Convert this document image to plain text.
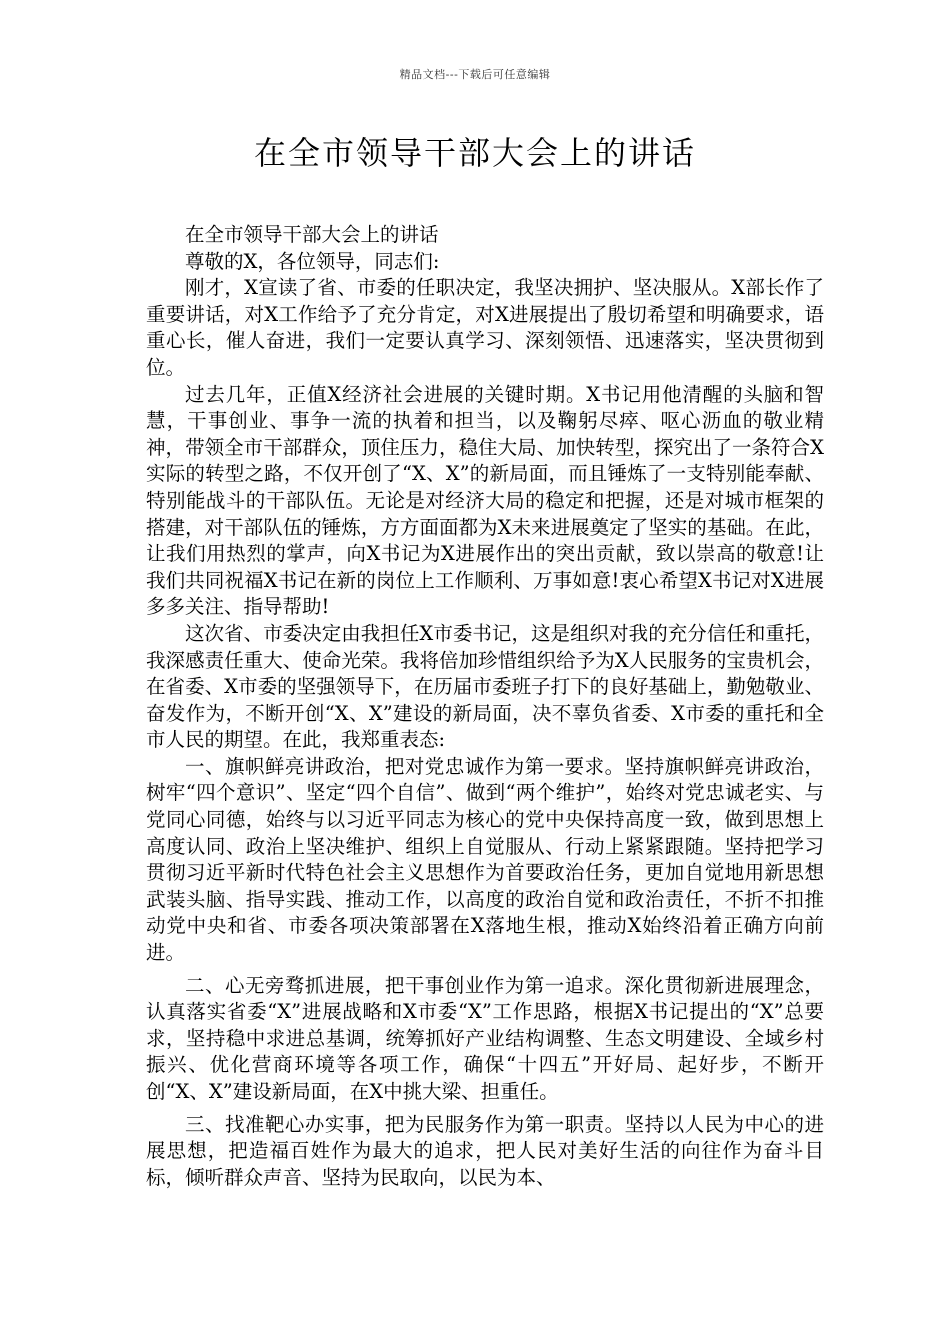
精品文档---下载后可任意编辑
在全市领导干部大会上的讲话

在全市领导干部大会上的讲话

尊敬的X，各位领导，同志们:

刚才，X宣读了省、市委的任职决定，我坚决拥护、坚决服从。X部长作了重要讲话，对X工作给予了充分肯定，对X进展提出了殷切希望和明确要求，语重心长，催人奋进，我们一定要认真学习、深刻领悟、迅速落实，坚决贯彻到位。

过去几年，正值X经济社会进展的关键时期。X书记用他清醒的头脑和智慧，干事创业、事争一流的执着和担当，以及鞠躬尽瘁、呕心沥血的敬业精神，带领全市干部群众，顶住压力，稳住大局、加快转型，探究出了一条符合X实际的转型之路，不仅开创了“X、X”的新局面，而且锤炼了一支特别能奉献、特别能战斗的干部队伍。无论是对经济大局的稳定和把握，还是对城市框架的搭建，对干部队伍的锤炼，方方面面都为X未来进展奠定了坚实的基础。在此，让我们用热烈的掌声，向X书记为X进展作出的突出贡献，致以崇高的敬意!让我们共同祝福X书记在新的岗位上工作顺利、万事如意!衷心希望X书记对X进展多多关注、指导帮助!

这次省、市委决定由我担任X市委书记，这是组织对我的充分信任和重托，我深感责任重大、使命光荣。我将倍加珍惜组织给予为X人民服务的宝贵机会，在省委、X市委的坚强领导下，在历届市委班子打下的良好基础上，勤勉敬业、奋发作为，不断开创“X、X”建设的新局面，决不辜负省委、X市委的重托和全市人民的期望。在此，我郑重表态:

一、旗帜鲜亮讲政治，把对党忠诚作为第一要求。坚持旗帜鲜亮讲政治，树牢“四个意识”、坚定“四个自信”、做到“两个维护”，始终对党忠诚老实、与党同心同德，始终与以习近平同志为核心的党中央保持高度一致，做到思想上高度认同、政治上坚决维护、组织上自觉服从、行动上紧紧跟随。坚持把学习贯彻习近平新时代特色社会主义思想作为首要政治任务，更加自觉地用新思想武装头脑、指导实践、推动工作，以高度的政治自觉和政治责任，不折不扣推动党中央和省、市委各项决策部署在X落地生根，推动X始终沿着正确方向前进。

二、心无旁骛抓进展，把干事创业作为第一追求。深化贯彻新进展理念，认真落实省委“X”进展战略和X市委“X”工作思路，根据X书记提出的“X”总要求，坚持稳中求进总基调，统筹抓好产业结构调整、生态文明建设、全域乡村振兴、优化营商环境等各项工作，确保“十四五”开好局、起好步，不断开创“X、X”建设新局面，在X中挑大梁、担重任。

三、找准靶心办实事，把为民服务作为第一职责。坚持以人民为中心的进展思想，把造福百姓作为最大的追求，把人民对美好生活的向往作为奋斗目标，倾听群众声音、坚持为民取向，以民为本、
